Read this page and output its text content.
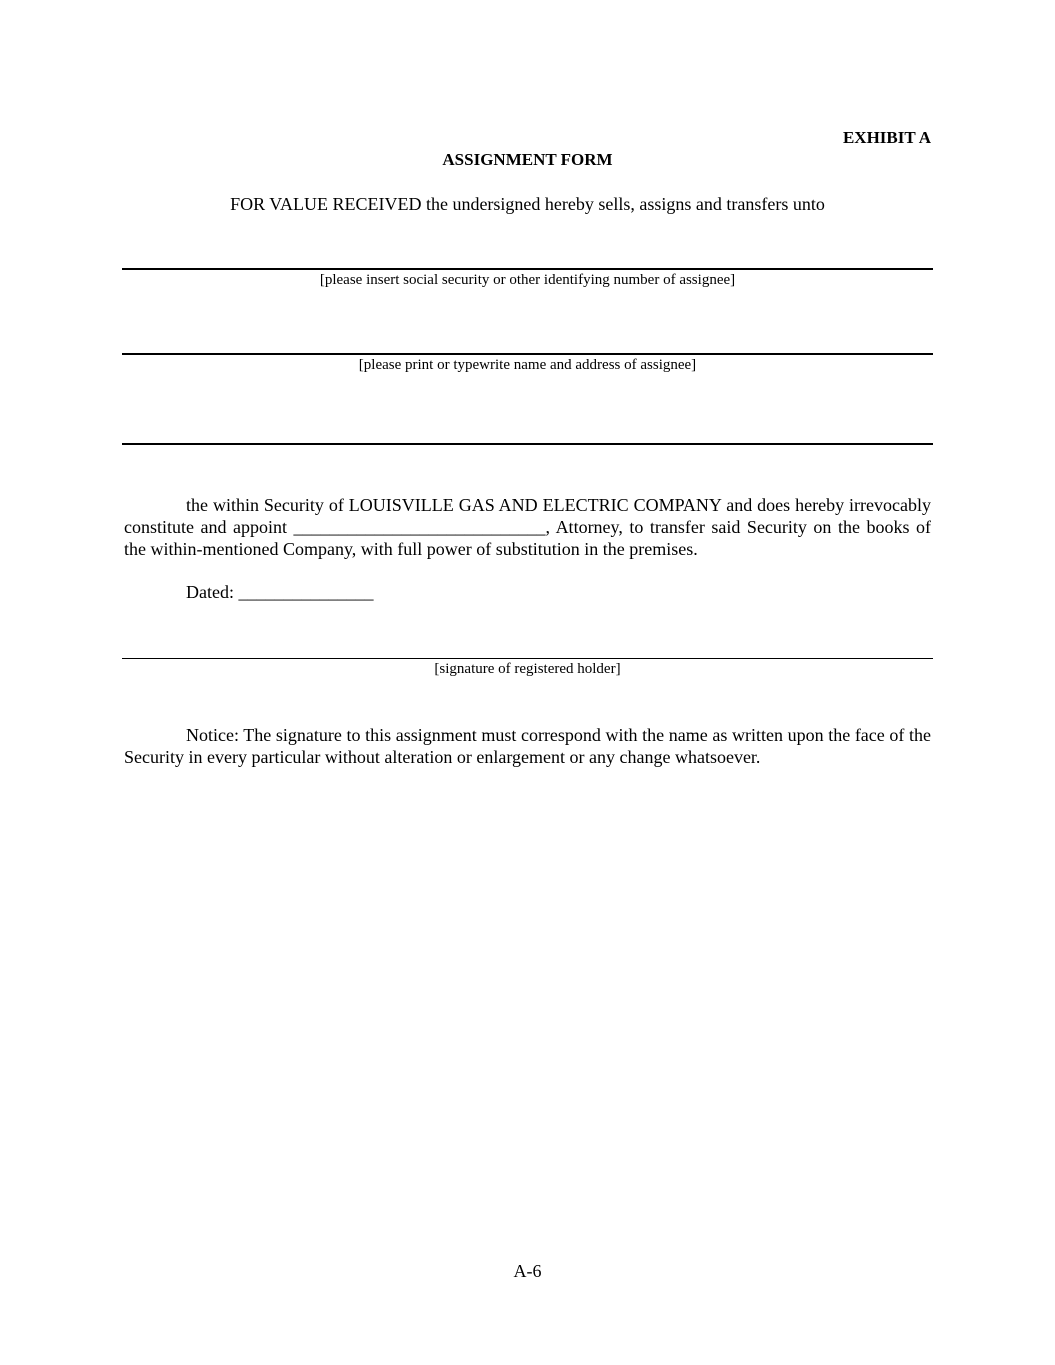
EXHIBIT A
ASSIGNMENT FORM
FOR VALUE RECEIVED the undersigned hereby sells, assigns and transfers unto
[please insert social security or other identifying number of assignee]
[please print or typewrite name and address of assignee]
the within Security of LOUISVILLE GAS AND ELECTRIC COMPANY and does hereby irrevocably constitute and appoint ____________________________, Attorney, to transfer said Security on the books of the within-mentioned Company, with full power of substitution in the premises.
Dated: _______________
[signature of registered holder]
Notice: The signature to this assignment must correspond with the name as written upon the face of the Security in every particular without alteration or enlargement or any change whatsoever.
A-6
